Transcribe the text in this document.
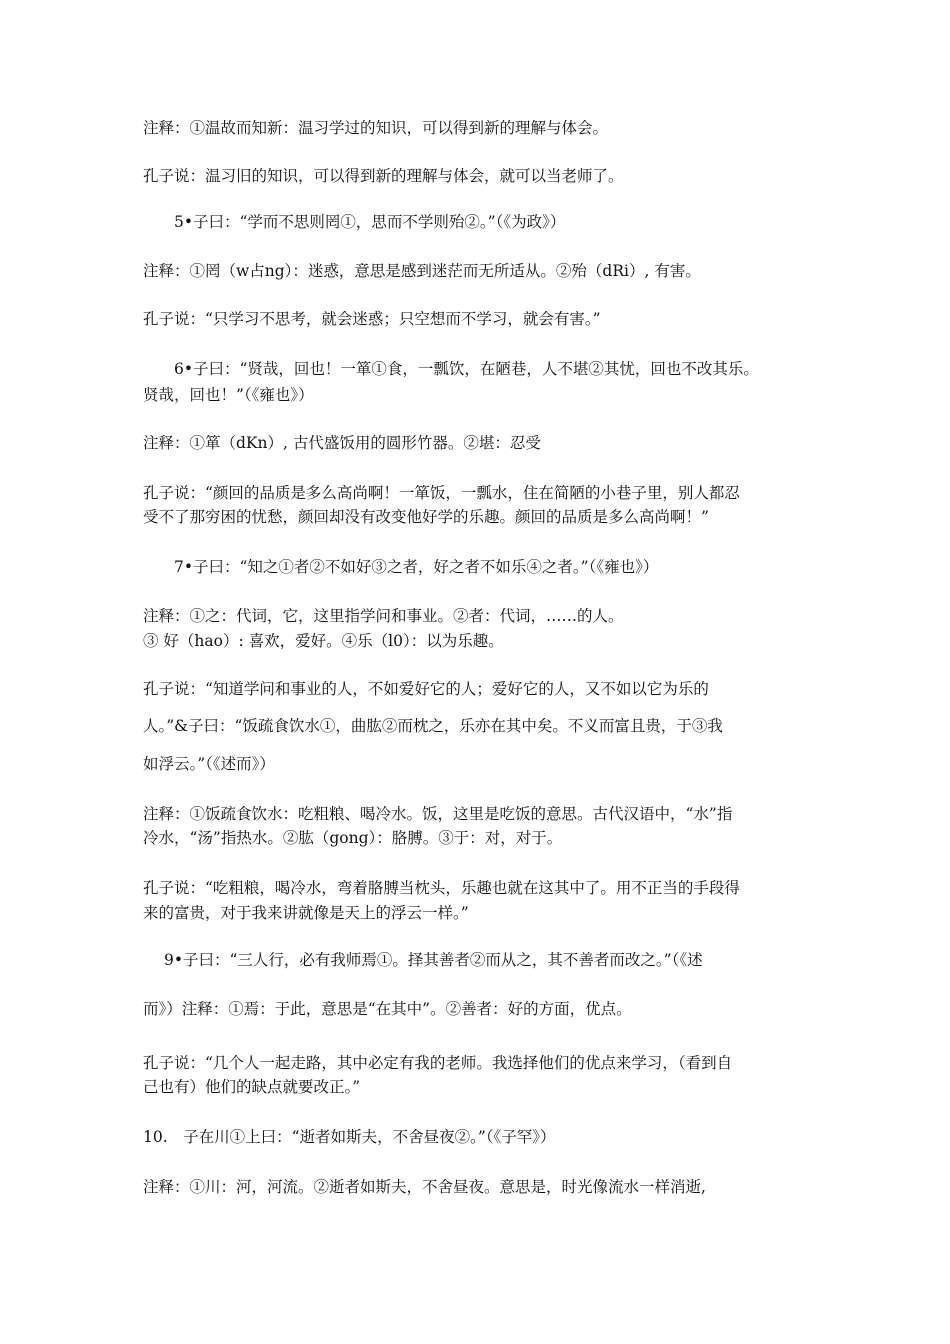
注释：①温故而知新：温习学过的知识，可以得到新的理解与体会。
孔子说：温习旧的知识，可以得到新的理解与体会，就可以当老师了。
5•子曰：“学而不思则罔①，思而不学则殆②。”（《为政》）
注释：①罔（w占ng）：迷惑，意思是感到迷茫而无所适从。②殆（dRi）, 有害。
孔子说：“只学习不思考，就会迷惑；只空想而不学习，就会有害。”
6•子曰：“贤哉，回也！一箪①食，一瓢饮，在陋巷，人不堪②其忧，回也不改其乐。
贤哉，回也！”（《雍也》）
注释：①箪（dKn）, 古代盛饭用的圆形竹器。②堪：忍受
孔子说：“颜回的品质是多么高尚啊！一箪饭，一瓢水，住在简陋的小巷子里，别人都忍
受不了那穷困的忧愁，颜回却没有改变他好学的乐趣。颜回的品质是多么高尚啊！”
7•子曰：“知之①者②不如好③之者，好之者不如乐④之者。”（《雍也》）
注释：①之：代词，它，这里指学问和事业。②者：代词，……的人。
③ 好（hao）: 喜欢，爱好。④乐（l0）：以为乐趣。
孔子说：“知道学问和事业的人，不如爱好它的人；爱好它的人，又不如以它为乐的
人。”&子曰：“饭疏食饮水①，曲肱②而枕之，乐亦在其中矣。不义而富且贵，于③我
如浮云。”（《述而》）
注释：①饭疏食饮水：吃粗粮、喝冷水。饭，这里是吃饭的意思。古代汉语中，“水”指
冷水，“汤”指热水。②肱（gong）：胳膊。③于：对，对于。
孔子说：“吃粗粮，喝冷水，弯着胳膊当枕头，乐趣也就在这其中了。用不正当的手段得
来的富贵，对于我来讲就像是天上的浮云一样。”
9•子曰：“三人行，必有我师焉①。择其善者②而从之，其不善者而改之。”（《述
而》）注释：①焉：于此，意思是“在其中”。②善者：好的方面，优点。
孔子说：“几个人一起走路，其中必定有我的老师。我选择他们的优点来学习，（看到自
己也有）他们的缺点就要改正。”
10.　子在川①上曰：“逝者如斯夫，不舍昼夜②。”（《子罕》）
注释：①川：河，河流。②逝者如斯夫，不舍昼夜。意思是，时光像流水一样消逝,
